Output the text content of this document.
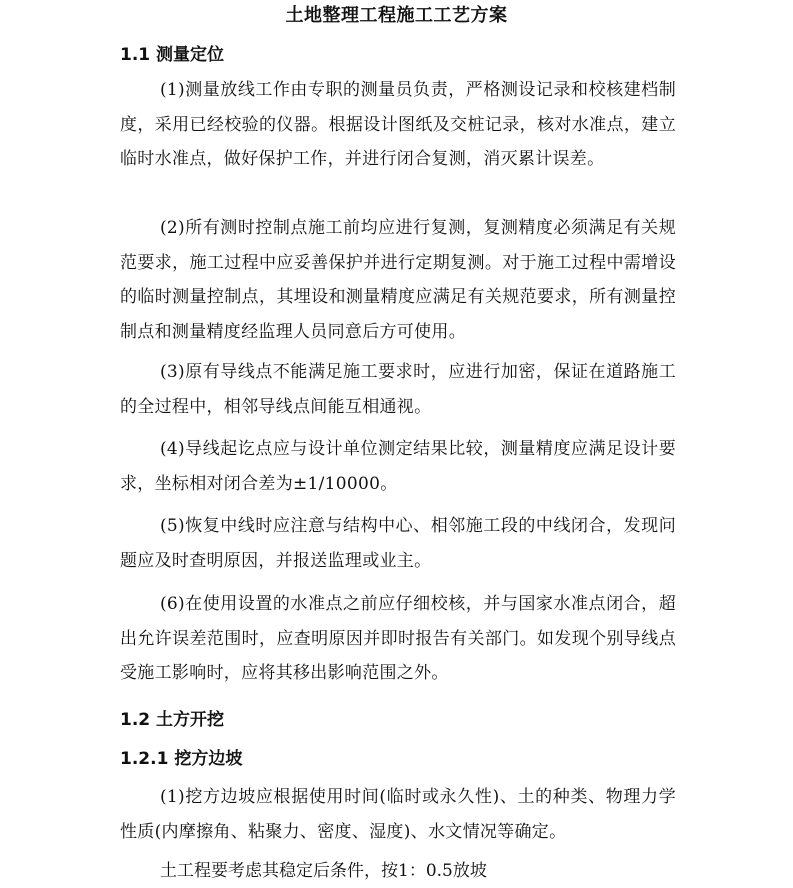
土地整理工程施工工艺方案
1.1 测量定位

(1)测量放线工作由专职的测量员负责，严格测设记录和校核建档制度，采用已经校验的仪器。根据设计图纸及交桩记录，核对水准点，建立临时水准点，做好保护工作，并进行闭合复测，消灭累计误差。

(2)所有测时控制点施工前均应进行复测，复测精度必须满足有关规范要求，施工过程中应妥善保护并进行定期复测。对于施工过程中需增设的临时测量控制点，其埋设和测量精度应满足有关规范要求，所有测量控制点和测量精度经监理人员同意后方可使用。

(3)原有导线点不能满足施工要求时，应进行加密，保证在道路施工的全过程中，相邻导线点间能互相通视。

(4)导线起讫点应与设计单位测定结果比较，测量精度应满足设计要求，坐标相对闭合差为±1/10000。

(5)恢复中线时应注意与结构中心、相邻施工段的中线闭合，发现问题应及时查明原因，并报送监理或业主。

(6)在使用设置的水准点之前应仔细校核，并与国家水准点闭合，超出允许误差范围时，应查明原因并即时报告有关部门。如发现个别导线点受施工影响时，应将其移出影响范围之外。

1.2 土方开挖
1.2.1 挖方边坡

(1)挖方边坡应根据使用时间(临时或永久性)、土的种类、物理力学性质(内摩擦角、粘聚力、密度、湿度)、水文情况等确定。

土工程要考虑其稳定后条件，按1：0.5放坡
